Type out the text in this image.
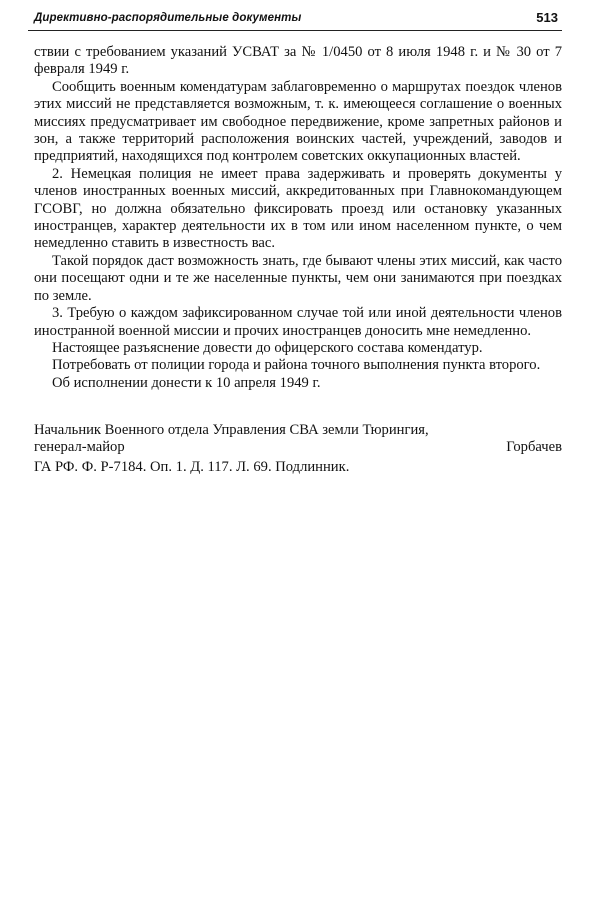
Директивно-распорядительные документы	513

ствии с требованием указаний УСВАТ за № 1/0450 от 8 июля 1948 г. и № 30 от 7 февраля 1949 г.

Сообщить военным комендатурам заблаговременно о маршрутах поездок членов этих миссий не представляется возможным, т. к. имеющееся соглашение о военных миссиях предусматривает им свободное передвижение, кроме запретных районов и зон, а также территорий расположения воинских частей, учреждений, заводов и предприятий, находящихся под контролем советских оккупационных властей.

2. Немецкая полиция не имеет права задерживать и проверять документы у членов иностранных военных миссий, аккредитованных при Главнокомандующем ГСОВГ, но должна обязательно фиксировать проезд или остановку указанных иностранцев, характер деятельности их в том или ином населенном пункте, о чем немедленно ставить в известность вас.

Такой порядок даст возможность знать, где бывают члены этих миссий, как часто они посещают одни и те же населенные пункты, чем они занимаются при поездках по земле.

3. Требую о каждом зафиксированном случае той или иной деятельности членов иностранной военной миссии и прочих иностранцев доносить мне немедленно.

Настоящее разъяснение довести до офицерского состава комендатур.

Потребовать от полиции города и района точного выполнения пункта второго.

Об исполнении донести к 10 апреля 1949 г.

Начальник Военного отдела Управления СВА земли Тюрингия,
генерал-майор	Горбачев
ГА РФ. Ф. Р-7184. Оп. 1. Д. 117. Л. 69. Подлинник.
